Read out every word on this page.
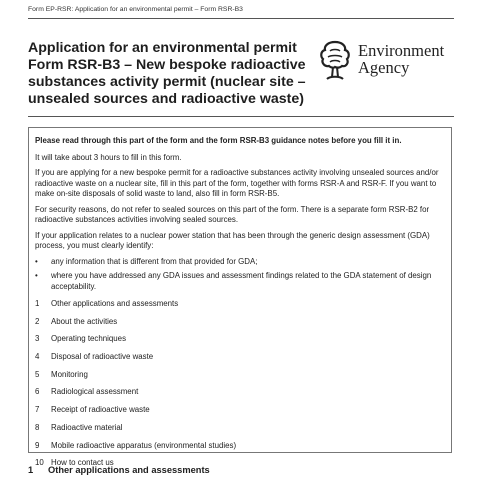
Form EP-RSR: Application for an environmental permit – Form RSR-B3
Application for an environmental permit
Form RSR-B3 – New bespoke radioactive
substances activity permit (nuclear site –
unsealed sources and radioactive waste)
Environment
Agency

Please read through this part of the form and the form RSR-B3 guidance notes before you fill it in.

It will take about 3 hours to fill in this form.

If you are applying for a new bespoke permit for a radioactive substances activity involving unsealed sources and/or radioactive waste on a nuclear site, fill in this part of the form, together with forms RSR-A and RSR-F. If you want to make on-site disposals of solid waste to land, also fill in form RSR-B5.

For security reasons, do not refer to sealed sources on this part of the form. There is a separate form RSR-B2 for radioactive substances activities involving sealed sources.

If your application relates to a nuclear power station that has been through the generic design assessment (GDA) process, you must clearly identify:

• any information that is different from that provided for GDA;
• where you have addressed any GDA issues and assessment findings related to the GDA statement of design acceptability.
1 Other applications and assessments
2 About the activities
3 Operating techniques
4 Disposal of radioactive waste
5 Monitoring
6 Radiological assessment
7 Receipt of radioactive waste
8 Radioactive material
9 Mobile radioactive apparatus (environmental studies)
10 How to contact us
1 Other applications and assessments
